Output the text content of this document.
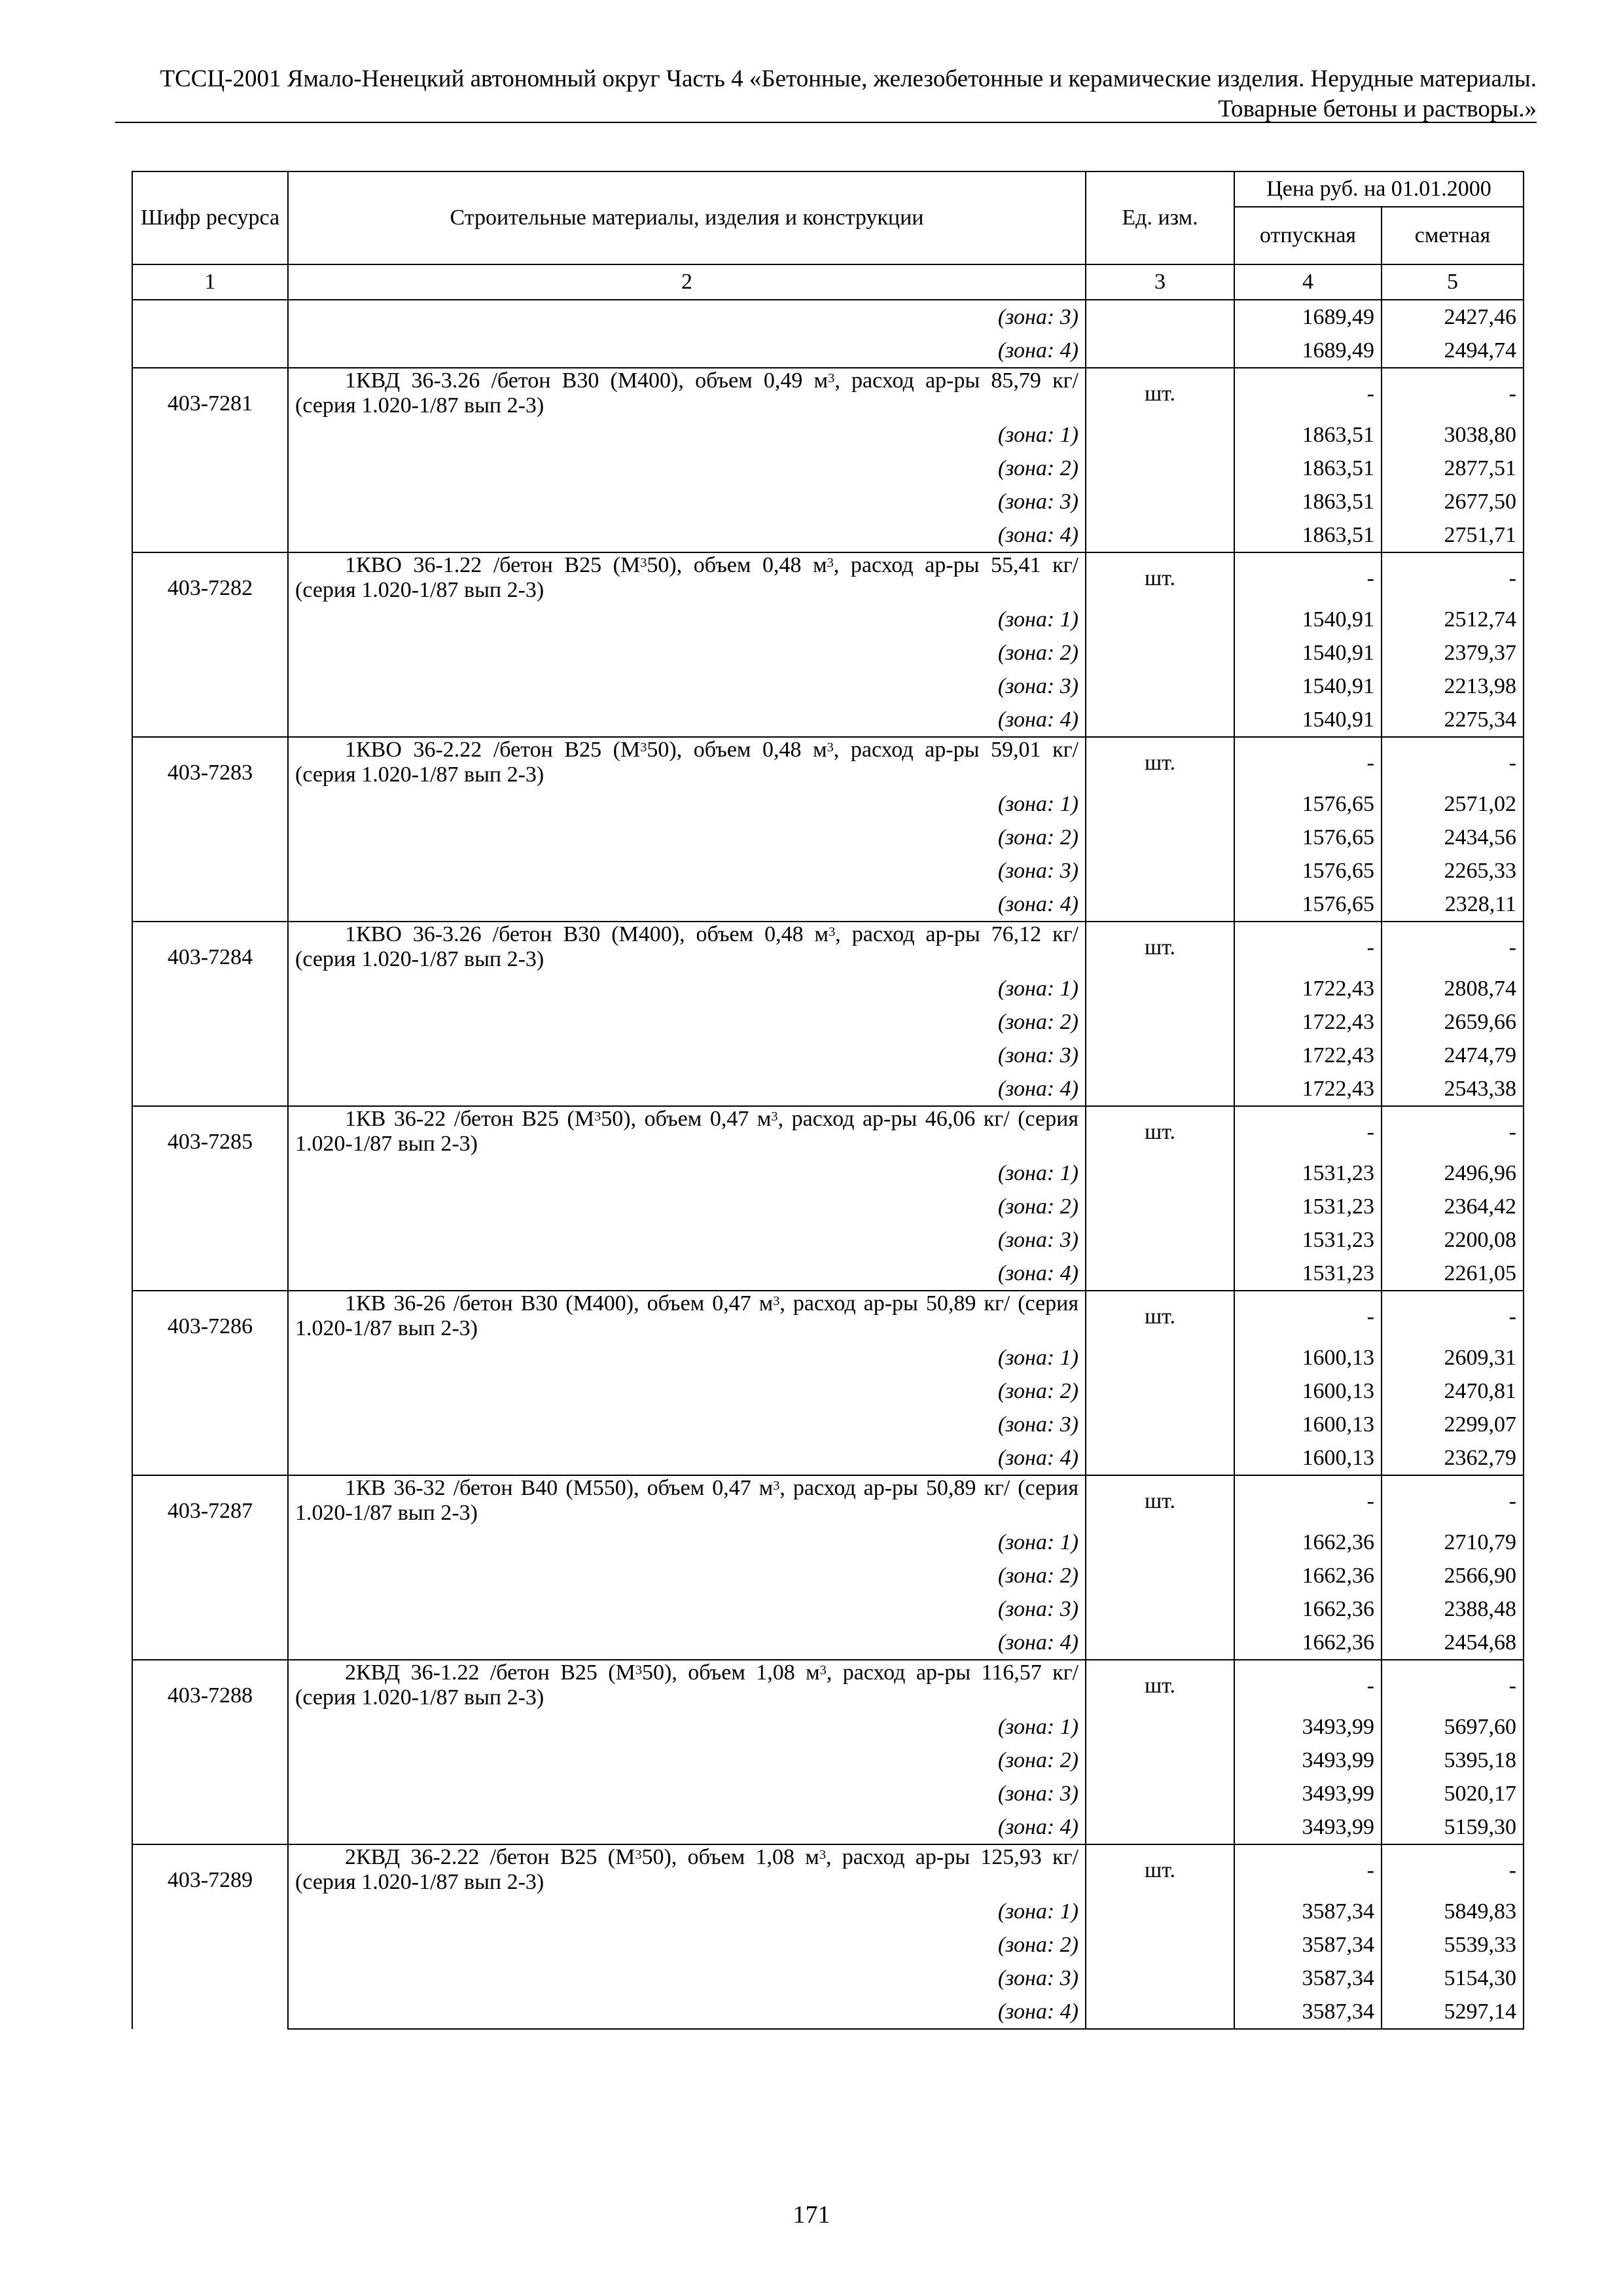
ТССЦ-2001 Ямало-Ненецкий автономный округ Часть 4 «Бетонные, железобетонные и керамические изделия. Нерудные материалы.
Товарные бетоны и растворы.»
Шифр ресурса	Строительные материалы, изделия и конструкции	Ед. изм.	Цена руб. на 01.01.2000	
			отпускная	сметная
1	2	3	4	5
	(зона: 3)		1689,49	2427,46
	(зона: 4)		1689,49	2494,74
403-7281	1КВД 36-3.26 /бетон В30 (М400), объем 0,49 $м^3$, расход ар-ры 85,79 кг/ (серия 1.020-1/87 вып 2-3)	шт.	-	-
	(зона: 1)		1863,51	3038,80
	(зона: 2)		1863,51	2877,51
	(зона: 3)		1863,51	2677,50
	(зона: 4)		1863,51	2751,71
403-7282	1КВО 36-1.22 /бетон В25 $(М^350)$, объем 0,48 $м^3$, расход ар-ры 55,41 кг/ (серия 1.020-1/87 вып 2-3)	шт.	-	-
	(зона: 1)		1540,91	2512,74
	(зона: 2)		1540,91	2379,37
	(зона: 3)		1540,91	2213,98
	(зона: 4)		1540,91	2275,34
403-7283	1КВО 36-2.22 /бетон В25 $(М^350)$, объем 0,48 $м^3$, расход ар-ры 59,01 кг/ (серия 1.020-1/87 вып 2-3)	шт.	-	-
	(зона: 1)		1576,65	2571,02
	(зона: 2)		1576,65	2434,56
	(зона: 3)		1576,65	2265,33
	(зона: 4)		1576,65	2328,11
403-7284	1КВО 36-3.26 /бетон В30 (М400), объем 0,48 $м^3$, расход ар-ры 76,12 кг/ (серия 1.020-1/87 вып 2-3)	шт.	-	-
	(зона: 1)		1722,43	2808,74
	(зона: 2)		1722,43	2659,66
	(зона: 3)		1722,43	2474,79
	(зона: 4)		1722,43	2543,38
403-7285	1КВ 36-22 /бетон В25 $(М^350)$, объем 0,47 $м^3$, расход ар-ры 46,06 кг/ (серия 1.020-1/87 вып 2-3)	шт.	-	-
	(зона: 1)		1531,23	2496,96
	(зона: 2)		1531,23	2364,42
	(зона: 3)		1531,23	2200,08
	(зона: 4)		1531,23	2261,05
403-7286	1КВ 36-26 /бетон В30 (М400), объем 0,47 $м^3$, расход ар-ры 50,89 кг/ (серия 1.020-1/87 вып 2-3)	шт.	-	-
	(зона: 1)		1600,13	2609,31
	(зона: 2)		1600,13	2470,81
	(зона: 3)		1600,13	2299,07
	(зона: 4)		1600,13	2362,79
403-7287	1КВ 36-32 /бетон В40 (М550), объем 0,47 $м^3$, расход ар-ры 50,89 кг/ (серия 1.020-1/87 вып 2-3)	шт.	-	-
	(зона: 1)		1662,36	2710,79
	(зона: 2)		1662,36	2566,90
	(зона: 3)		1662,36	2388,48
	(зона: 4)		1662,36	2454,68
403-7288	2КВД 36-1.22 /бетон В25 $(М^350)$, объем 1,08 $м^3$, расход ар-ры 116,57 кг/ (серия 1.020-1/87 вып 2-3)	шт.	-	-
	(зона: 1)		3493,99	5697,60
	(зона: 2)		3493,99	5395,18
	(зона: 3)		3493,99	5020,17
	(зона: 4)		3493,99	5159,30
403-7289	2КВД 36-2.22 /бетон В25 $(М^350)$, объем 1,08 $м^3$, расход ар-ры 125,93 кг/ (серия 1.020-1/87 вып 2-3)	шт.	-	-
	(зона: 1)		3587,34	5849,83
	(зона: 2)		3587,34	5539,33
	(зона: 3)		3587,34	5154,30
	(зона: 4)		3587,34	5297,14
171
